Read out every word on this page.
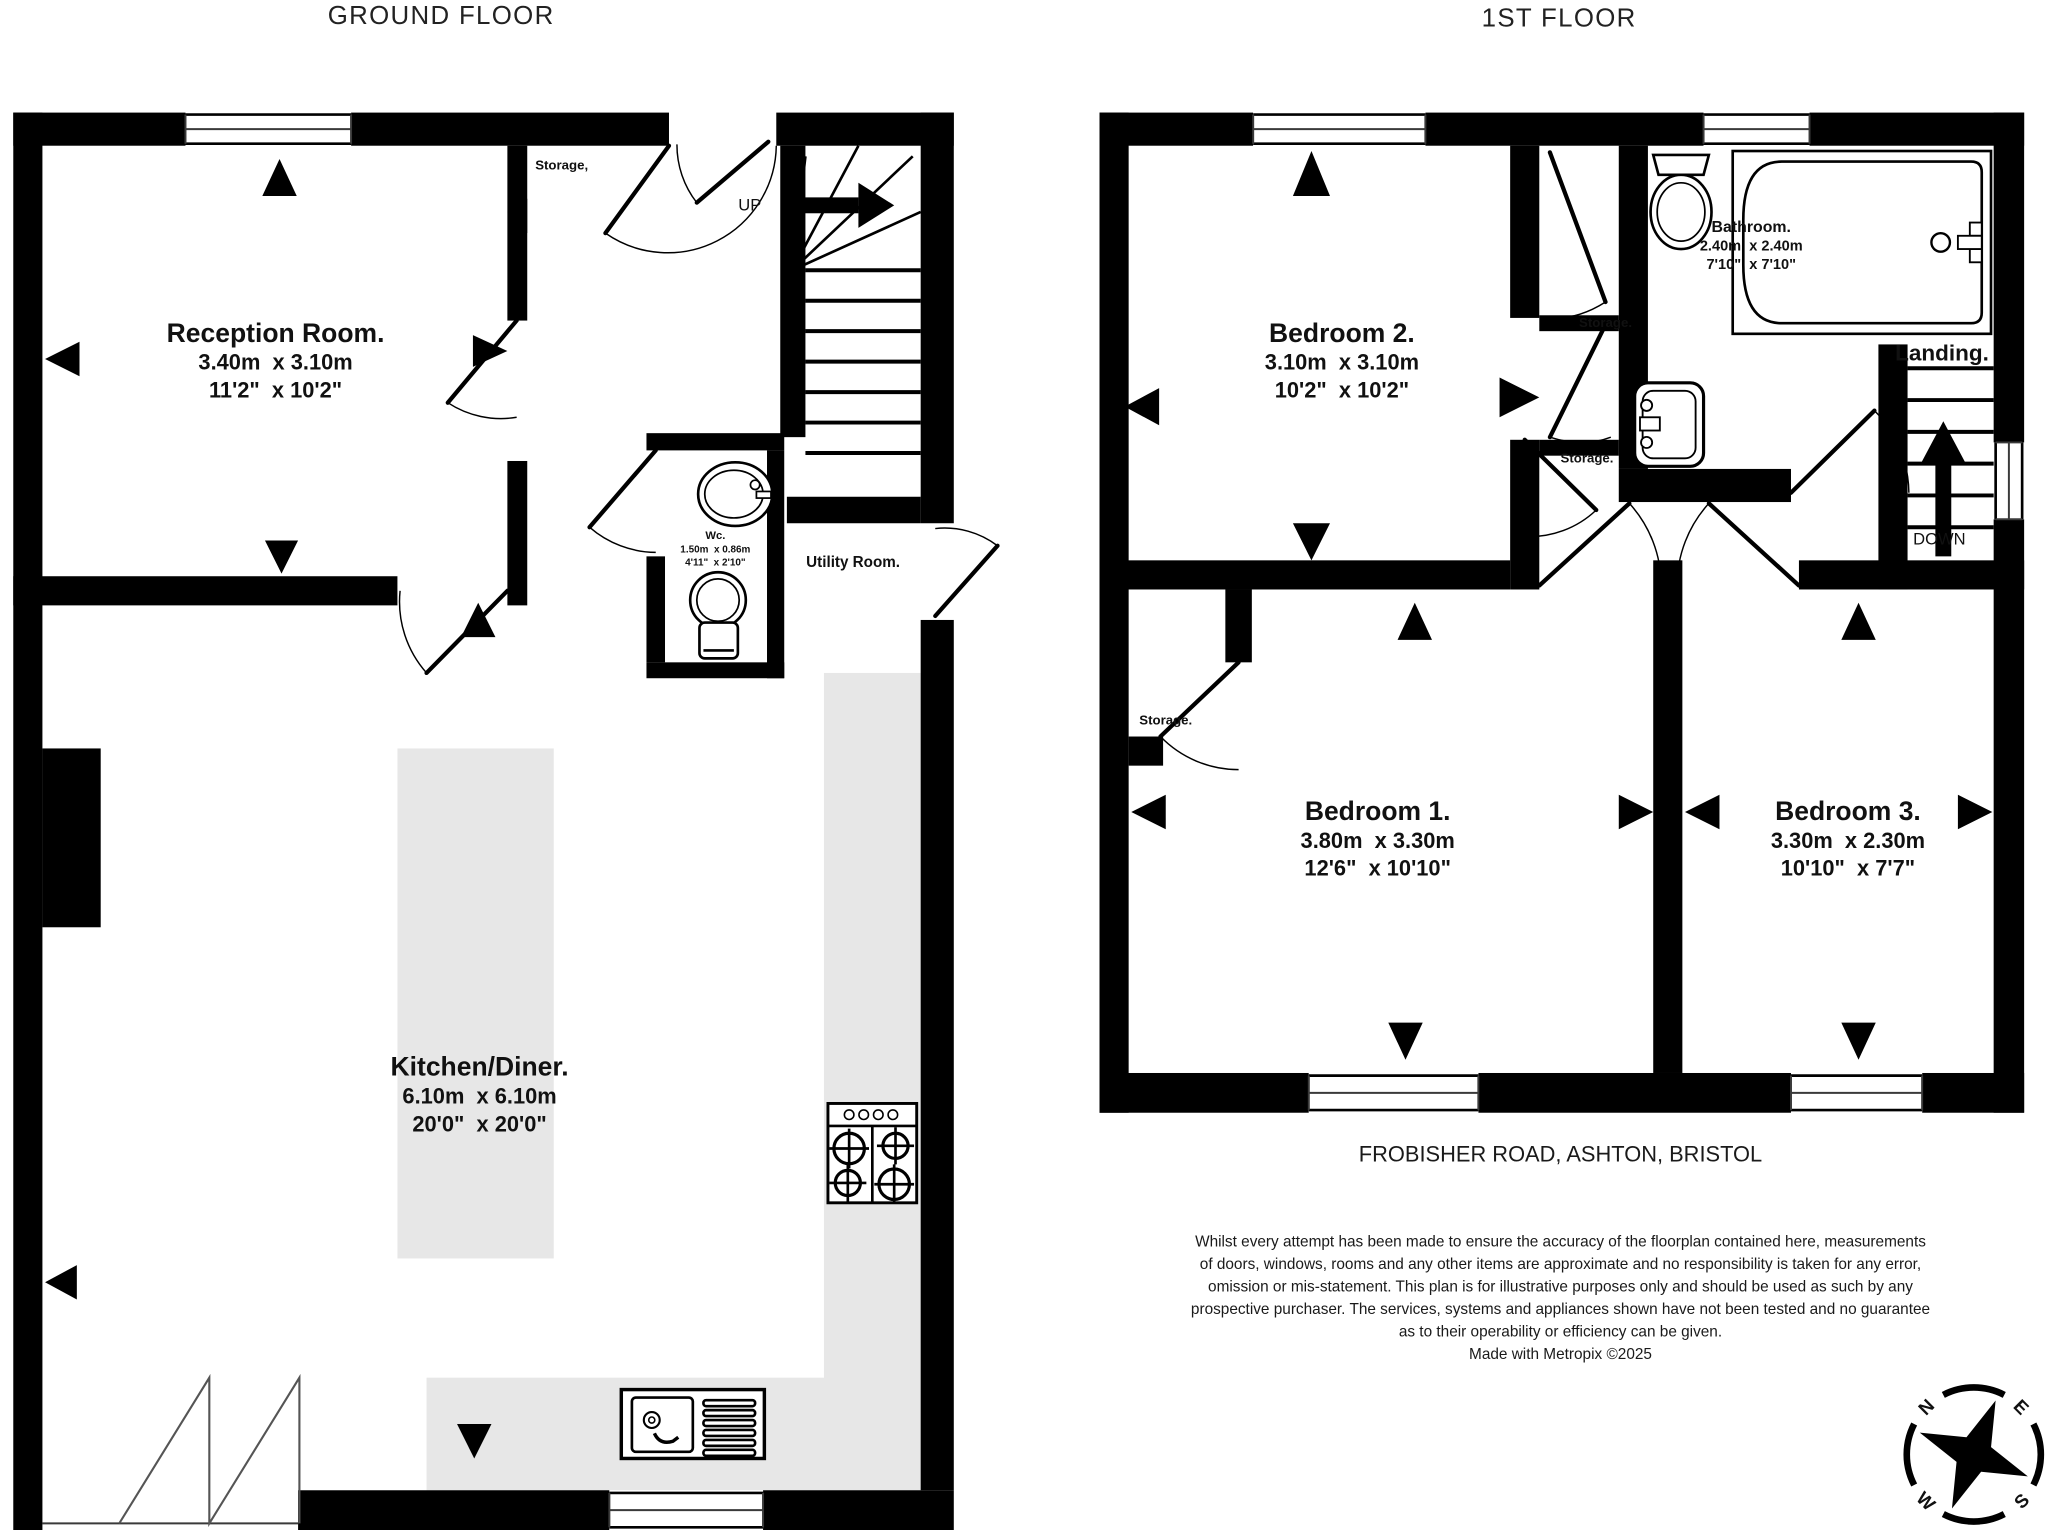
GROUND FLOOR	1ST FLOOR
Reception Room.
3.40m  x 3.10m
11'2"  x 10'2"
Kitchen/Diner.
6.10m  x 6.10m
20'0"  x 20'0"
Wc.
1.50m  x 0.86m
4'11"  x 2'10"	Utility Room.
Storage,
UP
Bedroom 2.
3.10m  x 3.10m
10'2"  x 10'2"
Bedroom 1.
3.80m  x 3.30m
12'6"  x 10'10"
Bedroom 3.
3.30m  x 2.30m
10'10"  x 7'7"
Bathroom.
2.40m  x 2.40m
7'10"  x 7'10"
Landing.
DOWN
Storage.
Storage.
Storage.
FROBISHER ROAD, ASHTON, BRISTOL
Whilst every attempt has been made to ensure the accuracy of the floorplan contained here, measurements
of doors, windows, rooms and any other items are approximate and no responsibility is taken for any error,
omission or mis-statement. This plan is for illustrative purposes only and should be used as such by any
prospective purchaser. The services, systems and appliances shown have not been tested and no guarantee
as to their operability or efficiency can be given.
Made with Metropix ©2025
N	E
S
W
